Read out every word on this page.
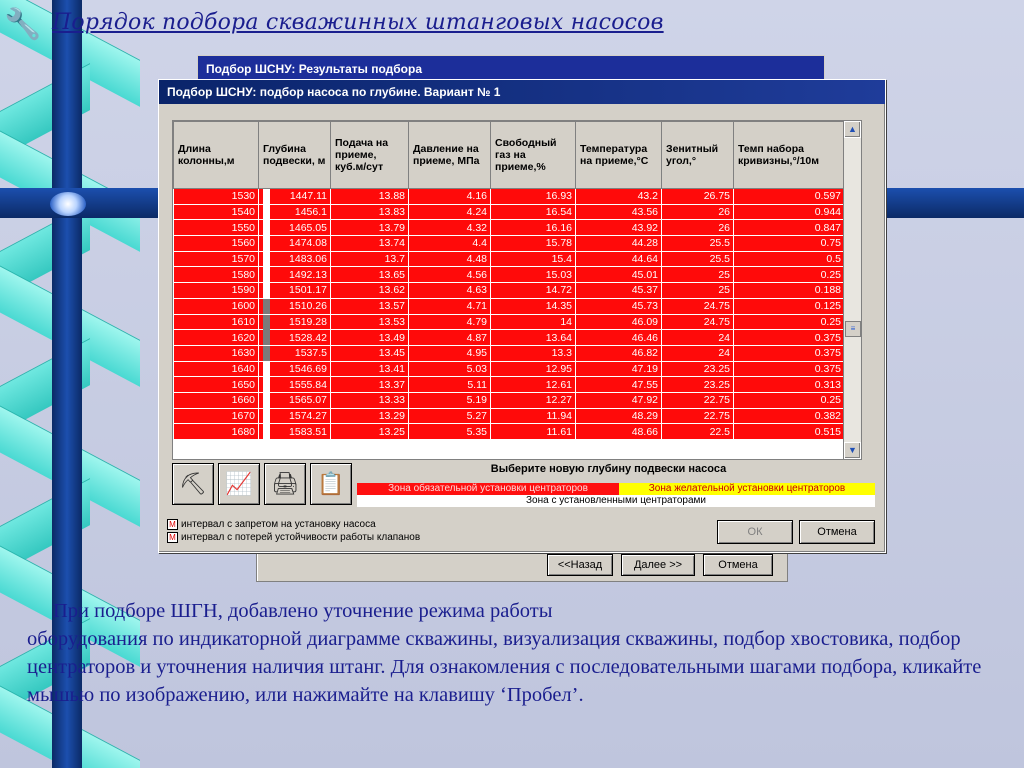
🔧 Порядок подбора скважинных штанговых насосов
Подбор ШСНУ: Результаты подбора
<<Назад	Далее >>	Отмена
Подбор ШСНУ: подбор насоса по глубине. Вариант № 1
Длина колонны,м	Глубина подвески, м	Подача на приеме, куб.м/сут	Давление на приеме, МПа	Свободный газ на приеме,%	Температура на приеме,°С	Зенитный угол,°	Темп набора кривизны,°/10м
1530	1447.11	13.88	4.16	16.93	43.2	26.75	0.597
1540	1456.1	13.83	4.24	16.54	43.56	26	0.944
1550	1465.05	13.79	4.32	16.16	43.92	26	0.847
1560	1474.08	13.74	4.4	15.78	44.28	25.5	0.75
1570	1483.06	13.7	4.48	15.4	44.64	25.5	0.5
1580	1492.13	13.65	4.56	15.03	45.01	25	0.25
1590	1501.17	13.62	4.63	14.72	45.37	25	0.188
1600	1510.26	13.57	4.71	14.35	45.73	24.75	0.125
1610	1519.28	13.53	4.79	14	46.09	24.75	0.25
1620	1528.42	13.49	4.87	13.64	46.46	24	0.375
1630	1537.5	13.45	4.95	13.3	46.82	24	0.375
1640	1546.69	13.41	5.03	12.95	47.19	23.25	0.375
1650	1555.84	13.37	5.11	12.61	47.55	23.25	0.313
1660	1565.07	13.33	5.19	12.27	47.92	22.75	0.25
1670	1574.27	13.29	5.27	11.94	48.29	22.75	0.382
1680	1583.51	13.25	5.35	11.61	48.66	22.5	0.515
▲
≡
▼
⛏ 📈 🖨 📋
Выберите новую глубину подвески насоса
Зона обязательной установки центраторов	Зона желательной установки центраторов
Зона с установленными центраторами
M интервал с запретом на установку насоса
M интервал с потерей устойчивости работы клапанов	ОК	Отмена
При подборе ШГН, добавлено уточнение режима работы
оборудования по индикаторной диаграмме скважины, визуализация скважины, подбор хвостовика, подбор центраторов и уточнения наличия штанг. Для ознакомления с последовательными шагами подбора, кликайте мышью по изображению, или нажимайте на клавишу ‘Пробел’.
